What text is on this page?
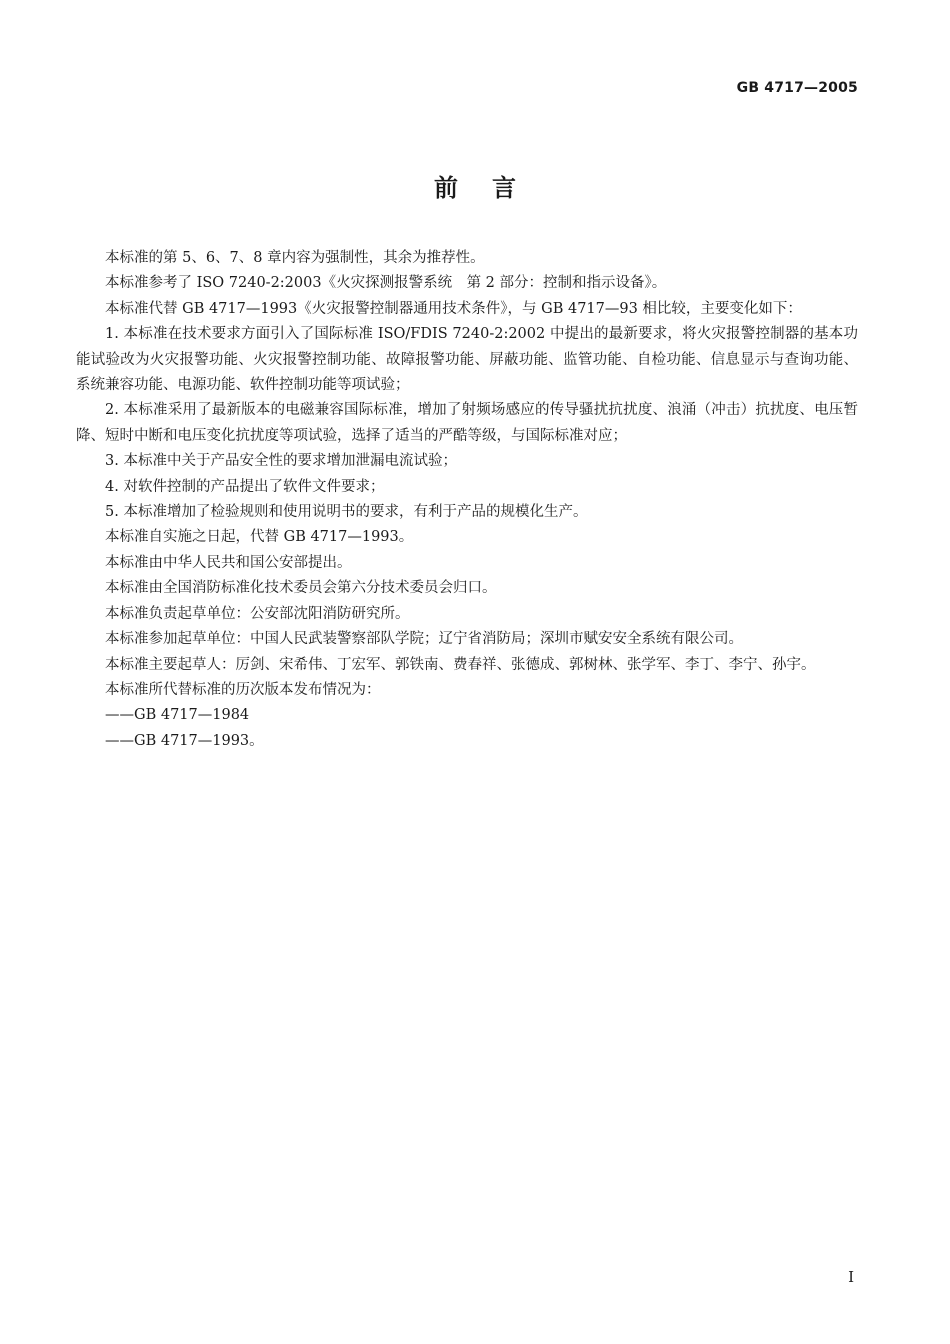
GB 4717—2005
前言

本标准的第 5、6、7、8 章内容为强制性，其余为推荐性。

本标准参考了 ISO 7240-2:2003《火灾探测报警系统　第 2 部分：控制和指示设备》。

本标准代替 GB 4717—1993《火灾报警控制器通用技术条件》，与 GB 4717—93 相比较，主要变化如下：

1. 本标准在技术要求方面引入了国际标准 ISO/FDIS 7240-2:2002 中提出的最新要求，将火灾报警控制器的基本功能试验改为火灾报警功能、火灾报警控制功能、故障报警功能、屏蔽功能、监管功能、自检功能、信息显示与查询功能、系统兼容功能、电源功能、软件控制功能等项试验；

2. 本标准采用了最新版本的电磁兼容国际标准，增加了射频场感应的传导骚扰抗扰度、浪涌（冲击）抗扰度、电压暂降、短时中断和电压变化抗扰度等项试验，选择了适当的严酷等级，与国际标准对应；

3. 本标准中关于产品安全性的要求增加泄漏电流试验；

4. 对软件控制的产品提出了软件文件要求；

5. 本标准增加了检验规则和使用说明书的要求，有利于产品的规模化生产。

本标准自实施之日起，代替 GB 4717—1993。

本标准由中华人民共和国公安部提出。

本标准由全国消防标准化技术委员会第六分技术委员会归口。

本标准负责起草单位：公安部沈阳消防研究所。

本标准参加起草单位：中国人民武装警察部队学院；辽宁省消防局；深圳市赋安安全系统有限公司。

本标准主要起草人：厉剑、宋希伟、丁宏军、郭铁南、费春祥、张德成、郭树林、张学军、李丁、李宁、孙宇。

本标准所代替标准的历次版本发布情况为：

——GB 4717—1984

——GB 4717—1993。

I
